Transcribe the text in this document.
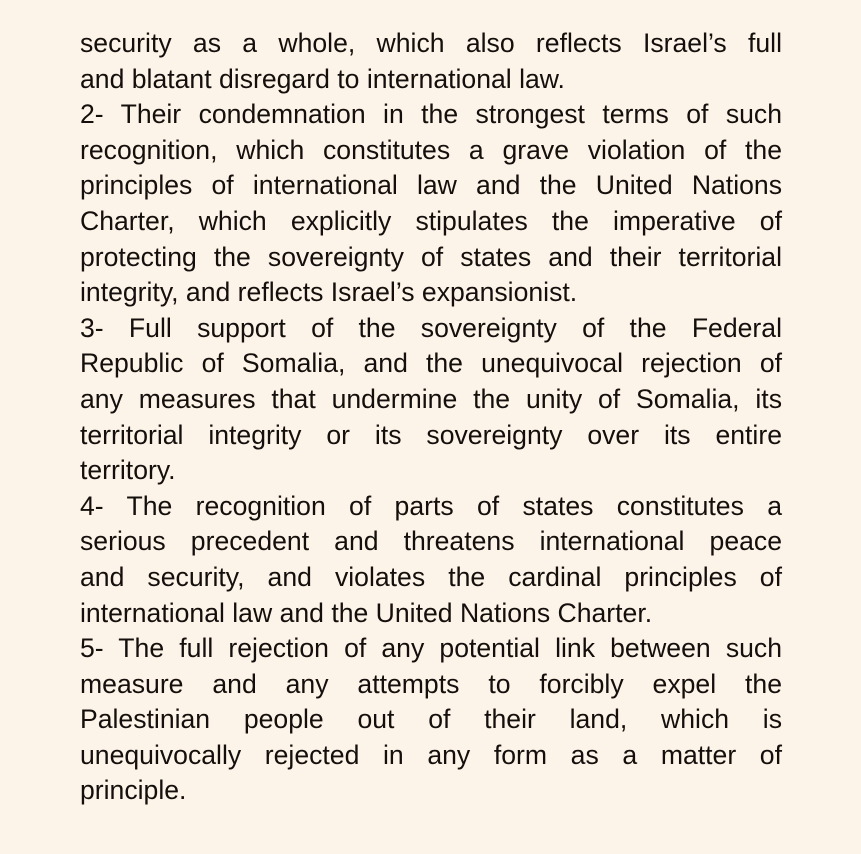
security as a whole, which also reflects Israel’s full
and blatant disregard to international law.
2- Their condemnation in the strongest terms of such
recognition, which constitutes a grave violation of the
principles of international law and the United Nations
Charter, which explicitly stipulates the imperative of
protecting the sovereignty of states and their territorial
integrity, and reflects Israel’s expansionist.
3- Full support of the sovereignty of the Federal
Republic of Somalia, and the unequivocal rejection of
any measures that undermine the unity of Somalia, its
territorial integrity or its sovereignty over its entire
territory.
4- The recognition of parts of states constitutes a
serious precedent and threatens international peace
and security, and violates the cardinal principles of
international law and the United Nations Charter.
5- The full rejection of any potential link between such
measure and any attempts to forcibly expel the
Palestinian people out of their land, which is
unequivocally rejected in any form as a matter of
principle.
